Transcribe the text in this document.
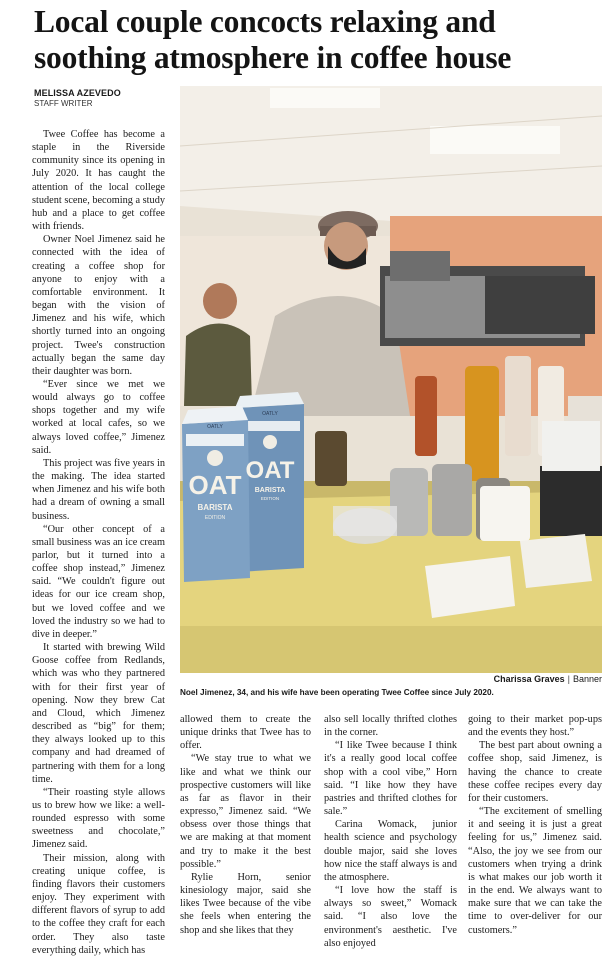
Local couple concocts relaxing and soothing atmosphere in coffee house
MELISSA AZEVEDO
STAFF WRITER

Twee Coffee has become a staple in the Riverside community since its opening in July 2020. It has caught the attention of the local college student scene, becoming a study hub and a place to get coffee with friends.

Owner Noel Jimenez said he connected with the idea of creating a coffee shop for anyone to enjoy with a comfortable environment. It began with the vision of Jimenez and his wife, which shortly turned into an ongoing project. Twee's construction actually began the same day their daughter was born.

“Ever since we met we would always go to coffee shops together and my wife worked at local cafes, so we always loved coffee,” Jimenez said.

This project was five years in the making. The idea started when Jimenez and his wife both had a dream of owning a small business.

“Our other concept of a small business was an ice cream parlor, but it turned into a coffee shop instead,” Jimenez said. “We couldn't figure out ideas for our ice cream shop, but we loved coffee and we loved the industry so we had to dive in deeper.”

It started with brewing Wild Goose coffee from Redlands, which was who they partnered with for their first year of opening. Now they brew Cat and Cloud, which Jimenez described as “big” for them; they always looked up to this company and had dreamed of partnering with them for a long time.

“Their roasting style allows us to brew how we like: a well-rounded espresso with some sweetness and chocolate,” Jimenez said.

Their mission, along with creating unique coffee, is finding flavors their customers enjoy. They experiment with different flavors of syrup to add to the coffee they craft for each order. They also taste everything daily, which has

OATLY
OAT
BARISTA
EDITION
OATLY
OAT
BARISTA
EDITION
Charissa Graves | Banner
Noel Jimenez, 34, and his wife have been operating Twee Coffee since July 2020.

allowed them to create the unique drinks that Twee has to offer.

“We stay true to what we like and what we think our prospective customers will like as far as flavor in their expresso,” Jimenez said. “We obsess over those things that we are making at that moment and try to make it the best possible.”

Rylie Horn, senior kinesiology major, said she likes Twee because of the vibe she feels when entering the shop and she likes that they

also sell locally thrifted clothes in the corner.

“I like Twee because I think it's a really good local coffee shop with a cool vibe,” Horn said. “I like how they have pastries and thrifted clothes for sale.”

Carina Womack, junior health science and psychology double major, said she loves how nice the staff always is and the atmosphere.

“I love how the staff is always so sweet,” Womack said. “I also love the environment's aesthetic. I've also enjoyed

going to their market pop-ups and the events they host.”

The best part about owning a coffee shop, said Jimenez, is having the chance to create these coffee recipes every day for their customers.

“The excitement of smelling it and seeing it is just a great feeling for us,” Jimenez said. “Also, the joy we see from our customers when trying a drink is what makes our job worth it in the end. We always want to make sure that we can take the time to over-deliver for our customers.”
